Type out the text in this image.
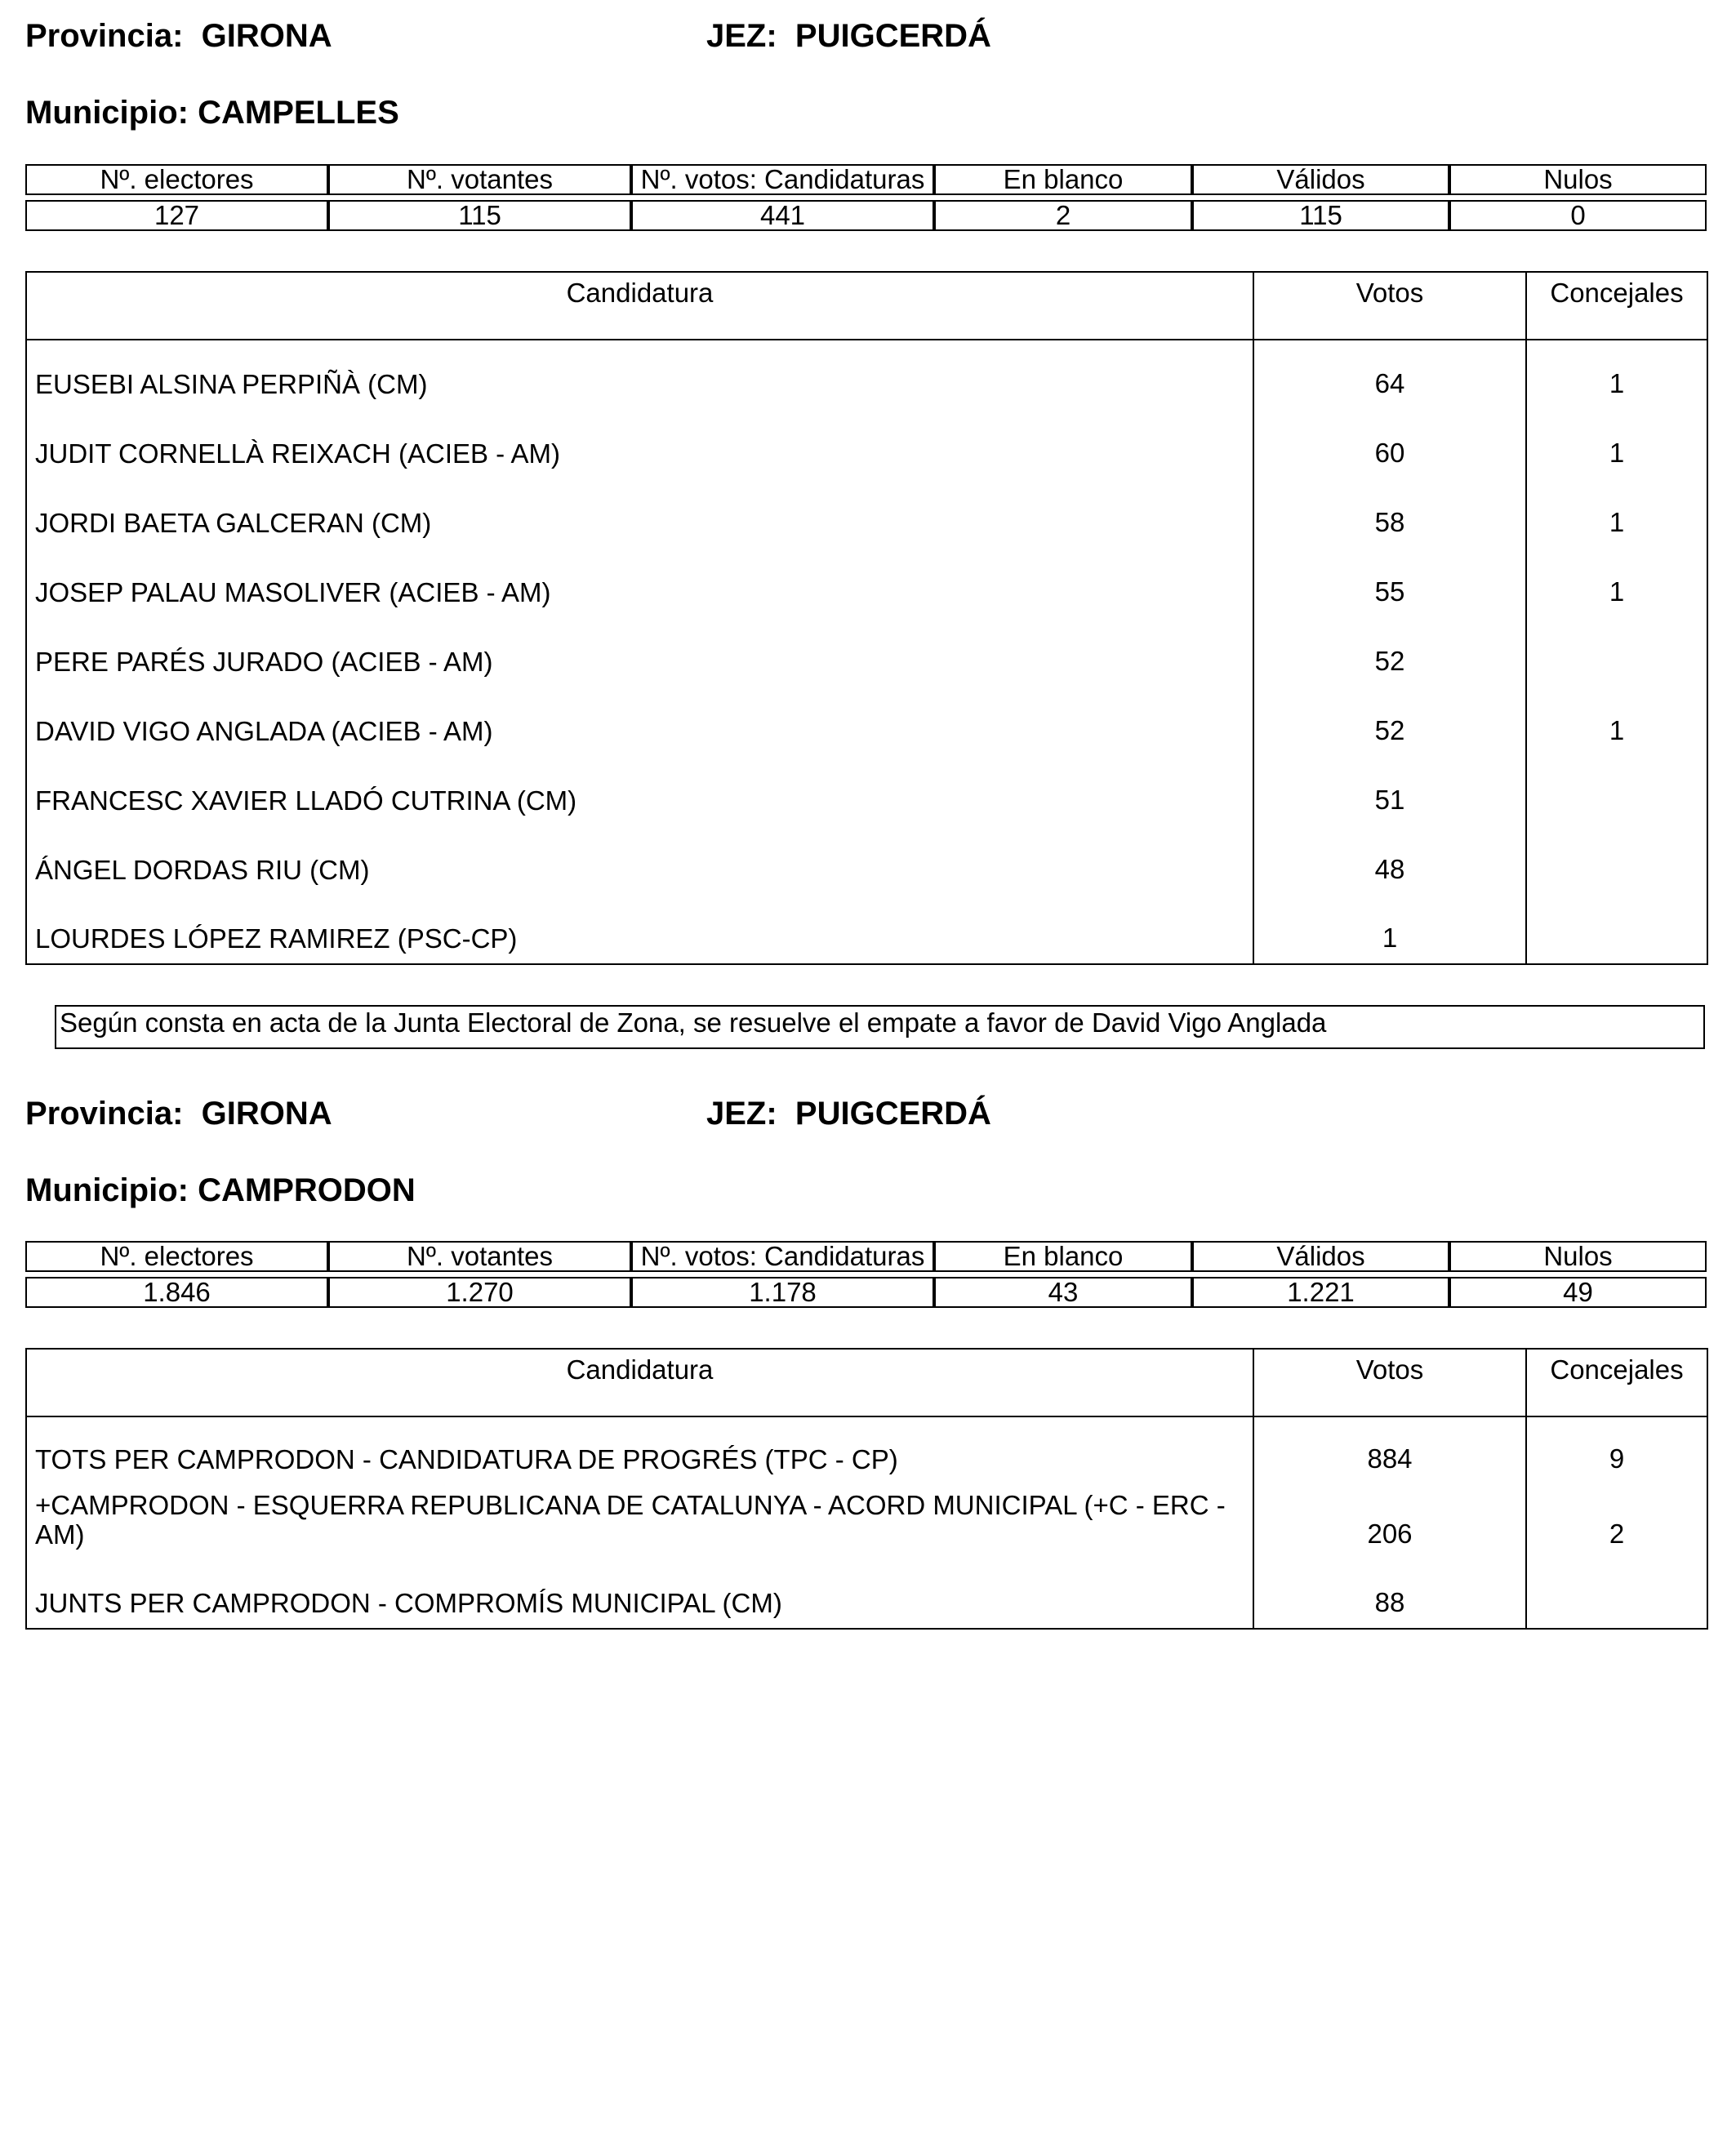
Provincia: GIRONA	JEZ: PUIGCERDÁ
Municipio: CAMPELLES
Nº. electores	Nº. votantes	Nº. votos: Candidaturas	En blanco	Válidos	Nulos

127	115	441	2	115	0
Candidatura	Votos	Concejales
EUSEBI ALSINA PERPIÑÀ (CM)	64	1
JUDIT CORNELLÀ REIXACH (ACIEB - AM)	60	1
JORDI BAETA GALCERAN (CM)	58	1
JOSEP PALAU MASOLIVER (ACIEB - AM)	55	1
PERE PARÉS JURADO (ACIEB - AM)	52	
DAVID VIGO ANGLADA (ACIEB - AM)	52	1
FRANCESC XAVIER LLADÓ CUTRINA (CM)	51	
ÁNGEL DORDAS RIU (CM)	48	
LOURDES LÓPEZ RAMIREZ (PSC-CP)	1	
Según consta en acta de la Junta Electoral de Zona, se resuelve el empate a favor de David Vigo Anglada
Provincia: GIRONA	JEZ: PUIGCERDÁ
Municipio: CAMPRODON
Nº. electores	Nº. votantes	Nº. votos: Candidaturas	En blanco	Válidos	Nulos

1.846	1.270	1.178	43	1.221	49
Candidatura	Votos	Concejales
TOTS PER CAMPRODON - CANDIDATURA DE PROGRÉS (TPC - CP)	884	9
+CAMPRODON - ESQUERRA REPUBLICANA DE CATALUNYA - ACORD MUNICIPAL (+C - ERC - AM)	206	2
JUNTS PER CAMPRODON - COMPROMÍS MUNICIPAL (CM)	88	
